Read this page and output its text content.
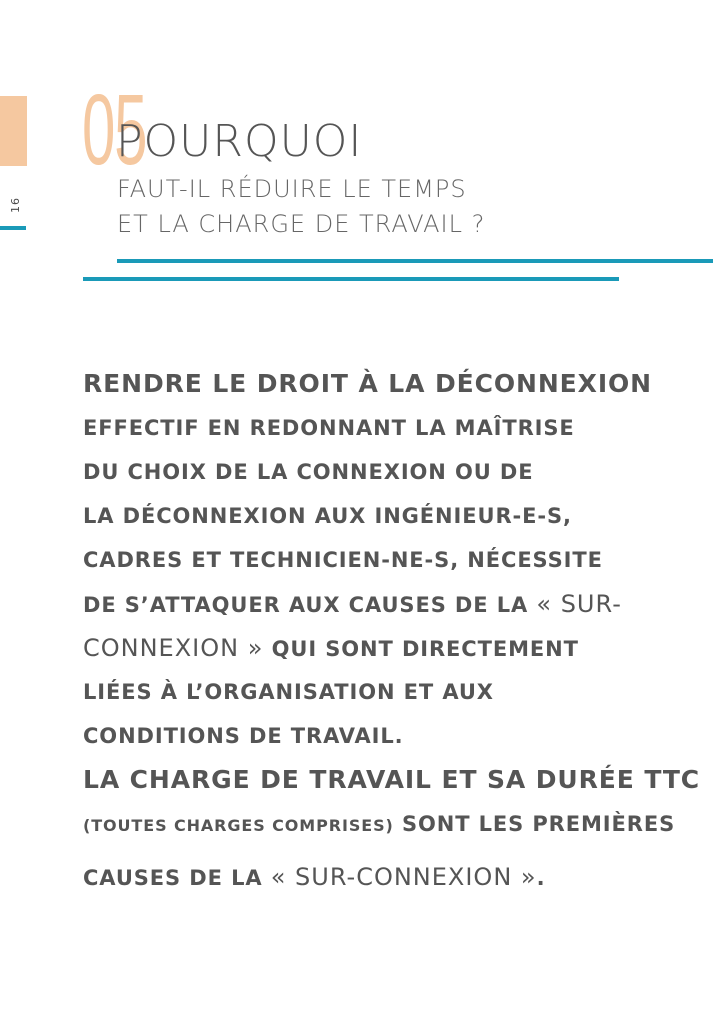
16
05
POURQUOI
FAUT-IL RÉDUIRE LE TEMPS
ET LA CHARGE DE TRAVAIL ?
RENDRE LE DROIT À LA DÉCONNEXION
EFFECTIF EN REDONNANT LA MAÎTRISE
DU CHOIX DE LA CONNEXION OU DE
LA DÉCONNEXION AUX INGÉNIEUR-E-S,
CADRES ET TECHNICIEN-NE-S, NÉCESSITE
DE S’ATTAQUER AUX CAUSES DE LA « SUR-
CONNEXION » QUI SONT DIRECTEMENT
LIÉES À L’ORGANISATION ET AUX
CONDITIONS DE TRAVAIL.
LA CHARGE DE TRAVAIL ET SA DURÉE TTC
(TOUTES CHARGES COMPRISES) SONT LES PREMIÈRES
CAUSES DE LA « SUR-CONNEXION ».
